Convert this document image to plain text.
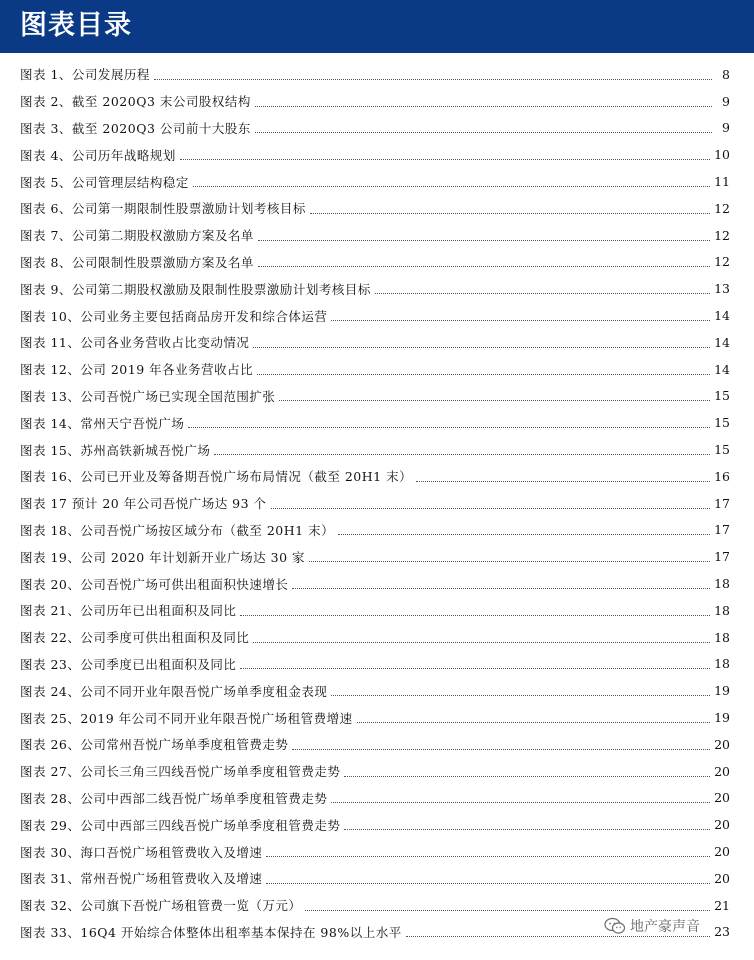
图表目录
图表 1、公司发展历程	8
图表 2、截至 2020Q3 末公司股权结构	9
图表 3、截至 2020Q3 公司前十大股东	9
图表 4、公司历年战略规划	10
图表 5、公司管理层结构稳定	11
图表 6、公司第一期限制性股票激励计划考核目标	12
图表 7、公司第二期股权激励方案及名单	12
图表 8、公司限制性股票激励方案及名单	12
图表 9、公司第二期股权激励及限制性股票激励计划考核目标	13
图表 10、公司业务主要包括商品房开发和综合体运营	14
图表 11、公司各业务营收占比变动情况	14
图表 12、公司 2019 年各业务营收占比	14
图表 13、公司吾悦广场已实现全国范围扩张	15
图表 14、常州天宁吾悦广场	15
图表 15、苏州高铁新城吾悦广场	15
图表 16、公司已开业及筹备期吾悦广场布局情况（截至 20H1 末）	16
图表 17 预计 20 年公司吾悦广场达 93 个	17
图表 18、公司吾悦广场按区域分布（截至 20H1 末）	17
图表 19、公司 2020 年计划新开业广场达 30 家	17
图表 20、公司吾悦广场可供出租面积快速增长	18
图表 21、公司历年已出租面积及同比	18
图表 22、公司季度可供出租面积及同比	18
图表 23、公司季度已出租面积及同比	18
图表 24、公司不同开业年限吾悦广场单季度租金表现	19
图表 25、2019 年公司不同开业年限吾悦广场租管费增速	19
图表 26、公司常州吾悦广场单季度租管费走势	20
图表 27、公司长三角三四线吾悦广场单季度租管费走势	20
图表 28、公司中西部二线吾悦广场单季度租管费走势	20
图表 29、公司中西部三四线吾悦广场单季度租管费走势	20
图表 30、海口吾悦广场租管费收入及增速	20
图表 31、常州吾悦广场租管费收入及增速	20
图表 32、公司旗下吾悦广场租管费一览（万元）	21
图表 33、16Q4 开始综合体整体出租率基本保持在 98%以上水平	23
地产豪声音
